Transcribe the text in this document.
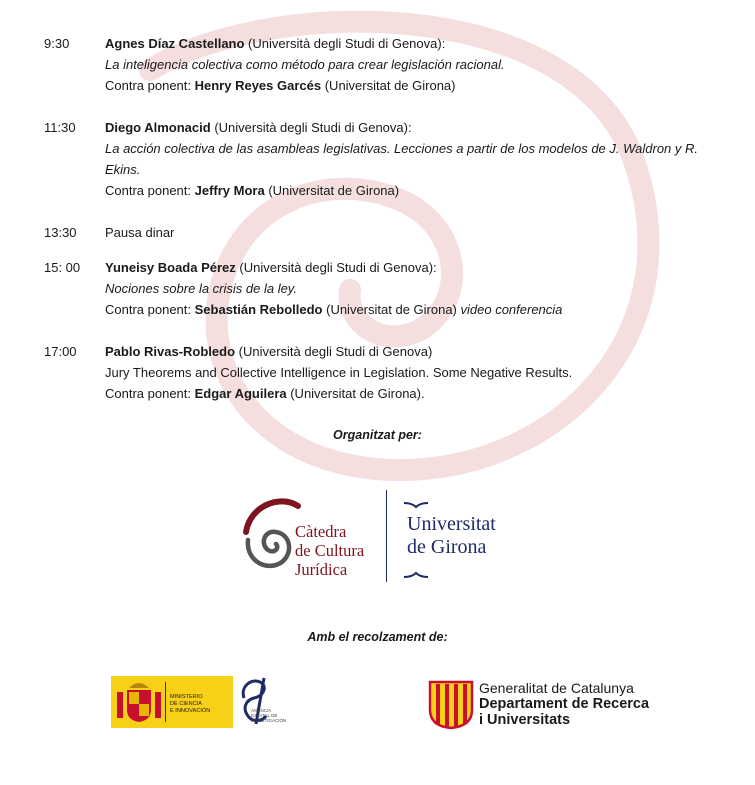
9:30	Agnes Díaz Castellano (Università degli Studi di Genova):
La inteligencia colectiva como método para crear legislación racional.
Contra ponent: Henry Reyes Garcés (Universitat de Girona)
11:30	Diego Almonacid (Università degli Studi di Genova):
La acción colectiva de las asambleas legislativas. Lecciones a partir de los modelos de J. Waldron y R. Ekins.
Contra ponent: Jeffry Mora (Universitat de Girona)
13:30	Pausa dinar
15: 00	Yuneisy Boada Pérez (Università degli Studi di Genova):
Nociones sobre la crisis de la ley.
Contra ponent: Sebastián Rebolledo (Universitat de Girona) video conferencia
17:00	Pablo Rivas-Robledo (Università degli Studi di Genova)
Jury Theorems and Collective Intelligence in Legislation. Some Negative Results.
Contra ponent: Edgar Aguilera (Universitat de Girona).
Organitzat per:
Càtedra
de Cultura
Jurídica
Universitat
de Girona
Amb el recolzament de:
MINISTERIO
DE CIENCIA
E INNOVACIÓN	AGENCIA
ESTATAL DE
INVESTIGACIÓN
Generalitat de Catalunya
Departament de Recerca
i Universitats
